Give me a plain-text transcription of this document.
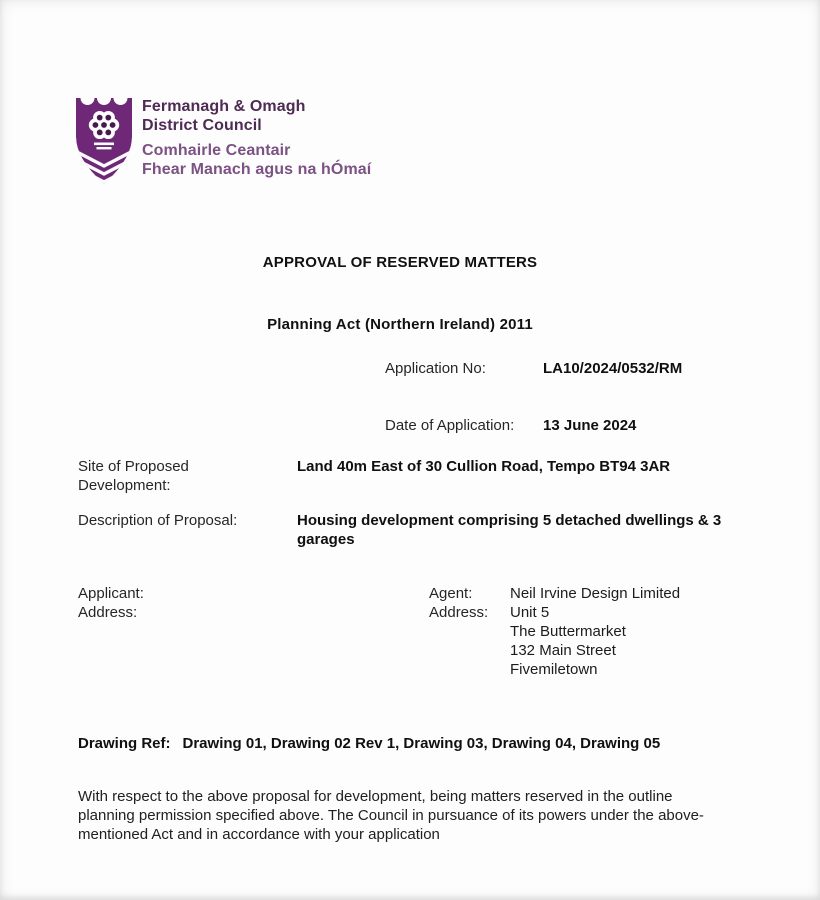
Fermanagh & Omagh
District Council
Comhairle Ceantair
Fhear Manach agus na hÓmaí
APPROVAL OF RESERVED MATTERS
Planning Act (Northern Ireland) 2011
Application No:	LA10/2024/0532/RM
Date of Application: 13 June 2024
Site of Proposed Development:
Land 40m East of 30 Cullion Road, Tempo BT94 3AR
Description of Proposal:	Housing development comprising 5 detached dwellings & 3 garages
Applicant:
Address:
Agent:
Address:
Neil Irvine Design Limited
Unit 5
The Buttermarket
132 Main Street
Fivemiletown
Drawing Ref: Drawing 01, Drawing 02 Rev 1, Drawing 03, Drawing 04, Drawing 05
With respect to the above proposal for development, being matters reserved in the outline planning permission specified above. The Council in pursuance of its powers under the above-mentioned Act and in accordance with your application
